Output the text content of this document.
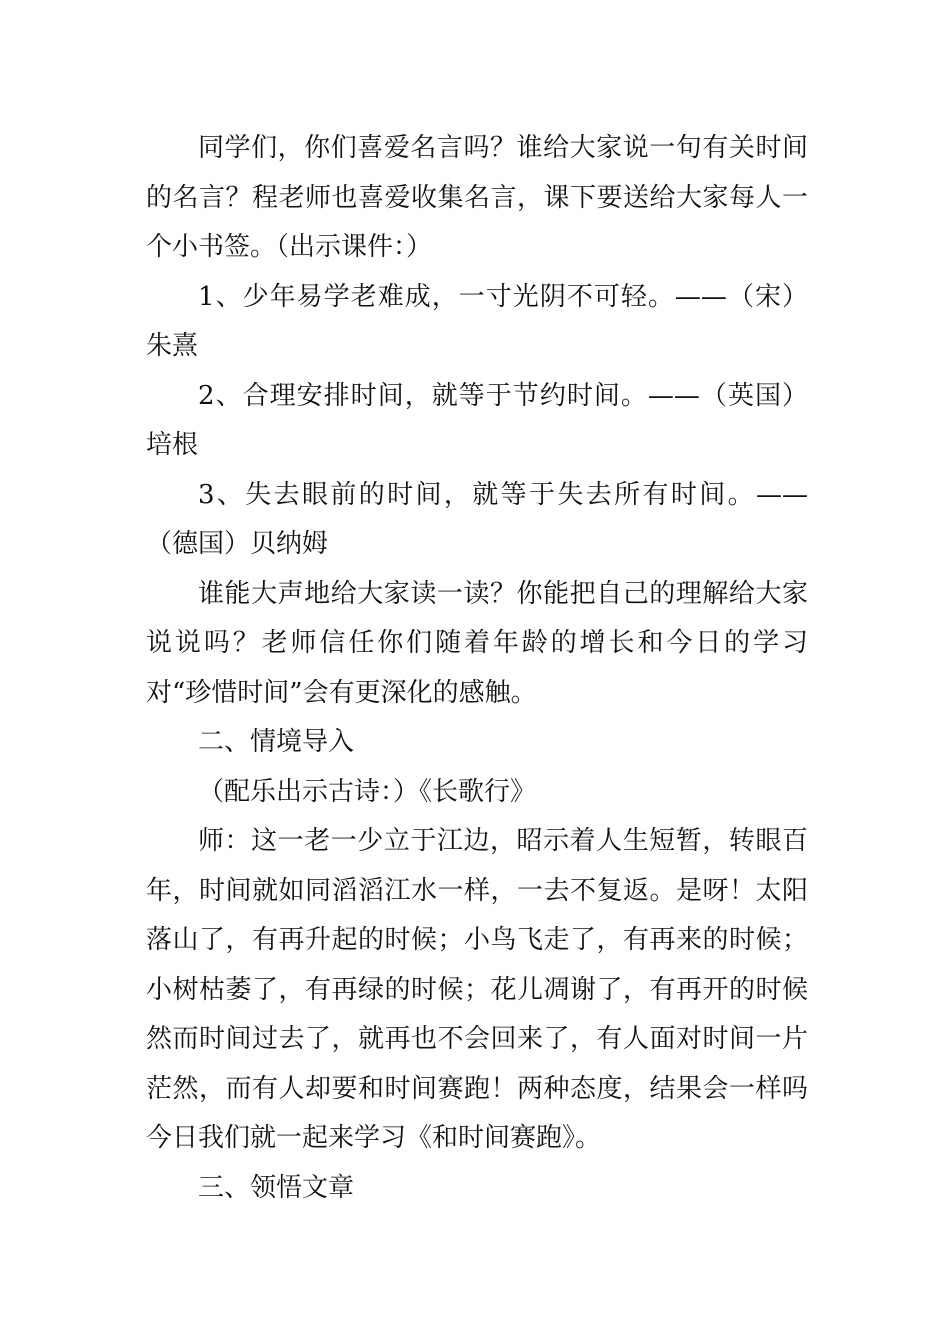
同学们，你们喜爱名言吗？谁给大家说一句有关时间的名言？程老师也喜爱收集名言，课下要送给大家每人一个小书签。（出示课件：）

1、少年易学老难成，一寸光阴不可轻。——（宋）朱熹

2、合理安排时间，就等于节约时间。——（英国）培根

3、失去眼前的时间，就等于失去所有时间。——（德国）贝纳姆

谁能大声地给大家读一读？你能把自己的理解给大家说说吗？老师信任你们随着年龄的增长和今日的学习对“珍惜时间”会有更深化的感触。

二、情境导入

（配乐出示古诗：）《长歌行》

师：这一老一少立于江边，昭示着人生短暂，转眼百年，时间就如同滔滔江水一样，一去不复返。是呀！太阳落山了，有再升起的时候；小鸟飞走了，有再来的时候；小树枯萎了，有再绿的时候；花儿凋谢了，有再开的时候然而时间过去了，就再也不会回来了，有人面对时间一片茫然，而有人却要和时间赛跑！两种态度，结果会一样吗今日我们就一起来学习《和时间赛跑》。

三、领悟文章
